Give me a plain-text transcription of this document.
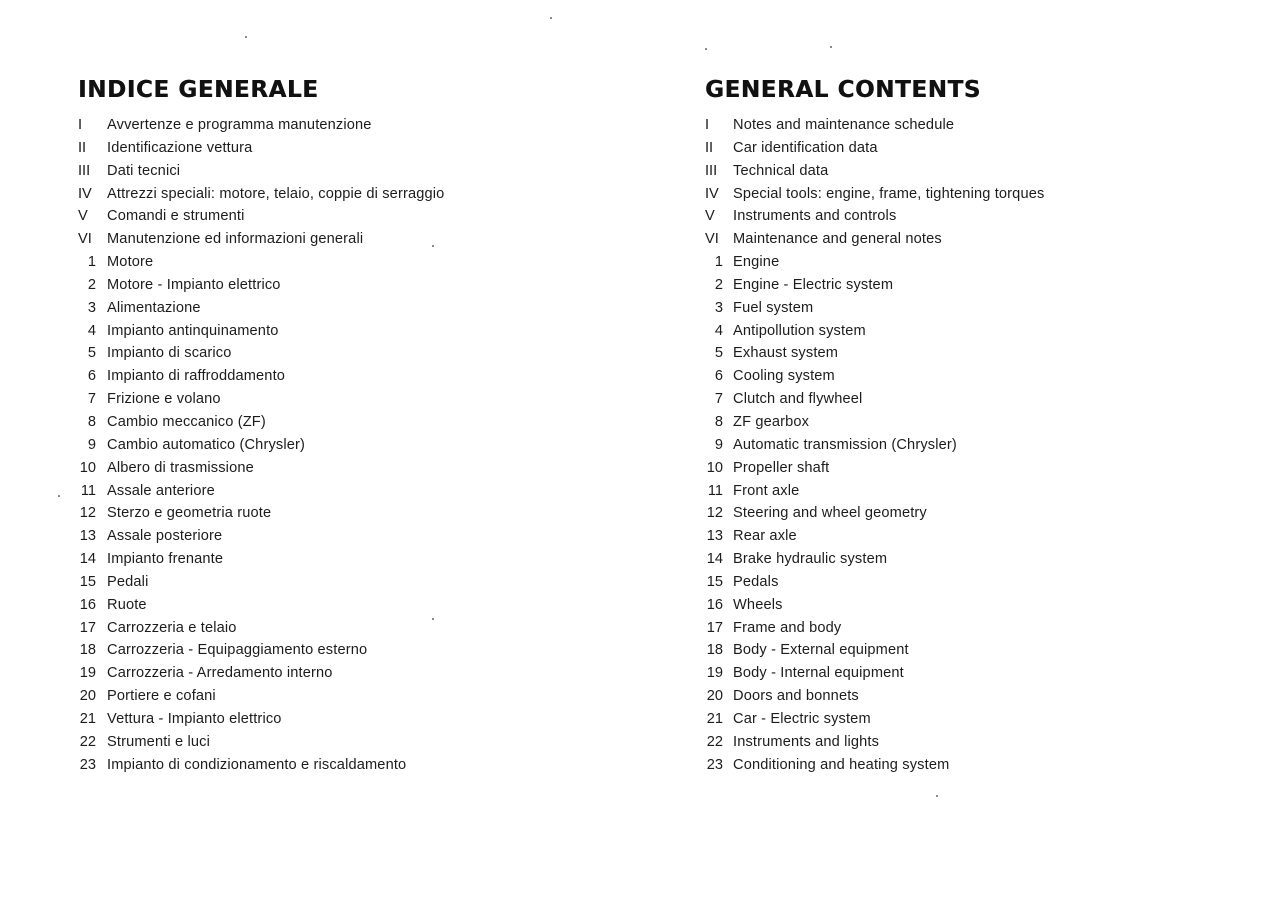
INDICE GENERALE
I	Avvertenze e programma manutenzione
II	Identificazione vettura
III	Dati tecnici
IV Attrezzi speciali: motore, telaio, coppie di serraggio
V	Comandi e strumenti
VI Manutenzione ed informazioni generali
1 Motore
2 Motore - Impianto elettrico
3 Alimentazione
4 Impianto antinquinamento
5 Impianto di scarico
6 Impianto di raffroddamento
7 Frizione e volano
8 Cambio meccanico (ZF)
9 Cambio automatico (Chrysler)
10 Albero di trasmissione
11 Assale anteriore
12 Sterzo e geometria ruote
13 Assale posteriore
14 Impianto frenante
15 Pedali
16 Ruote
17 Carrozzeria e telaio
18 Carrozzeria - Equipaggiamento esterno
19 Carrozzeria - Arredamento interno
20 Portiere e cofani
21 Vettura - Impianto elettrico
22 Strumenti e luci
23 Impianto di condizionamento e riscaldamento
GENERAL CONTENTS
I	Notes and maintenance schedule
II	Car identification data
III	Technical data
IV Special tools: engine, frame, tightening torques
V	Instruments and controls
VI Maintenance and general notes
1 Engine
2 Engine - Electric system
3 Fuel system
4 Antipollution system
5 Exhaust system
6 Cooling system
7 Clutch and flywheel
8 ZF gearbox
9 Automatic transmission (Chrysler)
10 Propeller shaft
11 Front axle
12 Steering and wheel geometry
13 Rear axle
14 Brake hydraulic system
15 Pedals
16 Wheels
17 Frame and body
18 Body - External equipment
19 Body - Internal equipment
20 Doors and bonnets
21 Car - Electric system
22 Instruments and lights
23 Conditioning and heating system
